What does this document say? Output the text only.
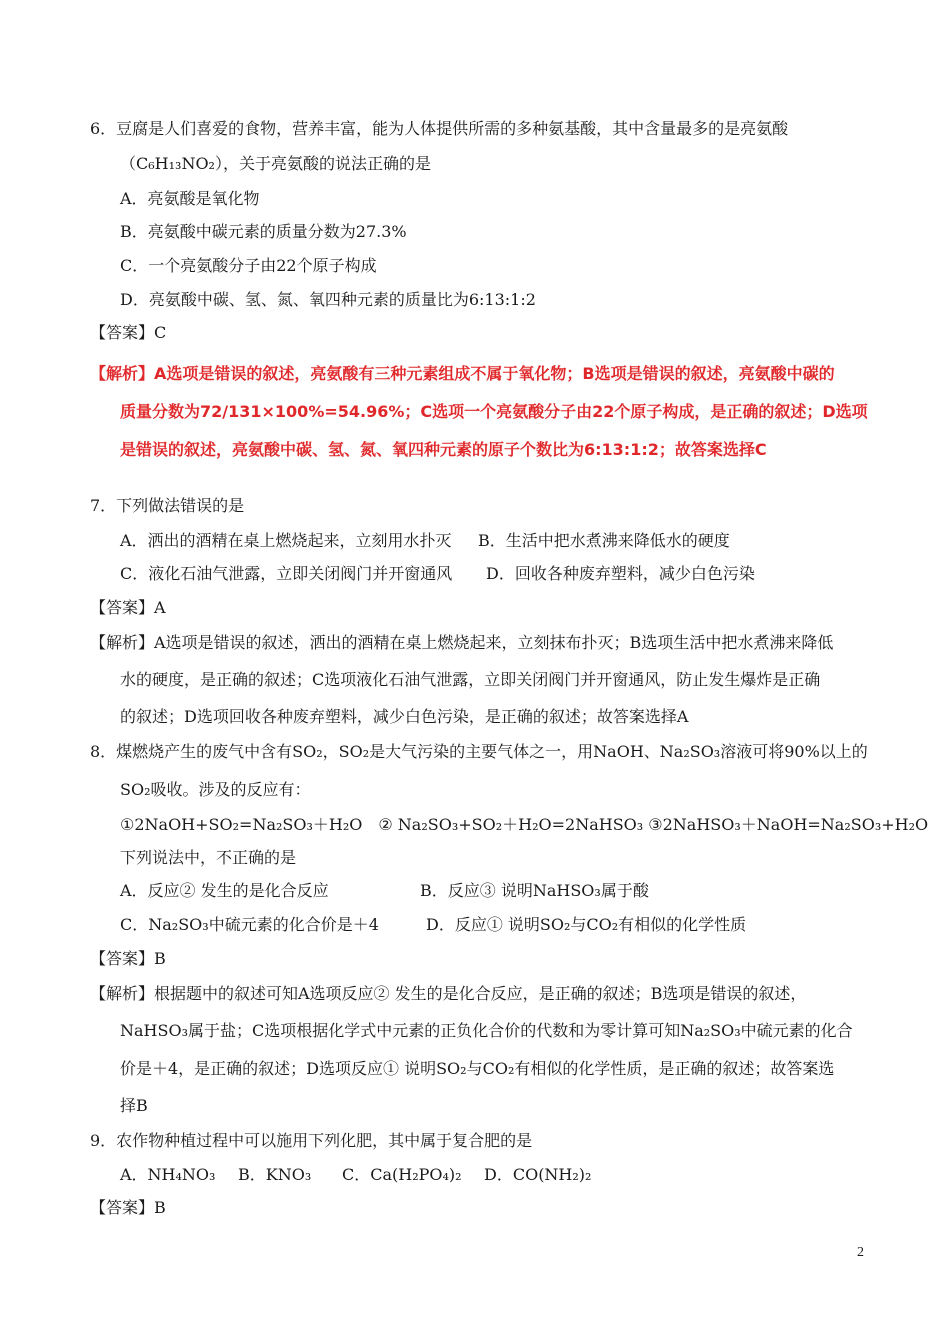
6．豆腐是人们喜爱的食物，营养丰富，能为人体提供所需的多种氨基酸，其中含量最多的是亮氨酸
（C₆H₁₃NO₂），关于亮氨酸的说法正确的是
A．亮氨酸是氧化物
B．亮氨酸中碳元素的质量分数为27.3%
C．一个亮氨酸分子由22个原子构成
D．亮氨酸中碳、氢、氮、氧四种元素的质量比为6:13:1:2
【答案】C
【解析】A选项是错误的叙述，亮氨酸有三种元素组成不属于氧化物；B选项是错误的叙述，亮氨酸中碳的
质量分数为72/131×100%=54.96%；C选项一个亮氨酸分子由22个原子构成，是正确的叙述；D选项
是错误的叙述，亮氨酸中碳、氢、氮、氧四种元素的原子个数比为6:13:1:2；故答案选择C
7．下列做法错误的是
A．洒出的酒精在桌上燃烧起来，立刻用水扑灭 B．生活中把水煮沸来降低水的硬度
C．液化石油气泄露，立即关闭阀门并开窗通风 D．回收各种废弃塑料，减少白色污染
【答案】A
【解析】A选项是错误的叙述，洒出的酒精在桌上燃烧起来，立刻抹布扑灭；B选项生活中把水煮沸来降低
水的硬度，是正确的叙述；C选项液化石油气泄露，立即关闭阀门并开窗通风，防止发生爆炸是正确
的叙述；D选项回收各种废弃塑料，减少白色污染，是正确的叙述；故答案选择A
8．煤燃烧产生的废气中含有SO₂，SO₂是大气污染的主要气体之一，用NaOH、Na₂SO₃溶液可将90%以上的
SO₂吸收。涉及的反应有：
①2NaOH+SO₂=Na₂SO₃＋H₂O　② Na₂SO₃+SO₂＋H₂O=2NaHSO₃ ③2NaHSO₃＋NaOH=Na₂SO₃+H₂O
下列说法中，不正确的是
A．反应② 发生的是化合反应	B．反应③ 说明NaHSO₃属于酸
C．Na₂SO₃中硫元素的化合价是＋4	D．反应① 说明SO₂与CO₂有相似的化学性质
【答案】B
【解析】根据题中的叙述可知A选项反应② 发生的是化合反应，是正确的叙述；B选项是错误的叙述，
NaHSO₃属于盐；C选项根据化学式中元素的正负化合价的代数和为零计算可知Na₂SO₃中硫元素的化合
价是＋4，是正确的叙述；D选项反应① 说明SO₂与CO₂有相似的化学性质，是正确的叙述；故答案选
择B
9．农作物种植过程中可以施用下列化肥，其中属于复合肥的是
A．NH₄NO₃ B．KNO₃ C．Ca(H₂PO₄)₂ D．CO(NH₂)₂
【答案】B
2
